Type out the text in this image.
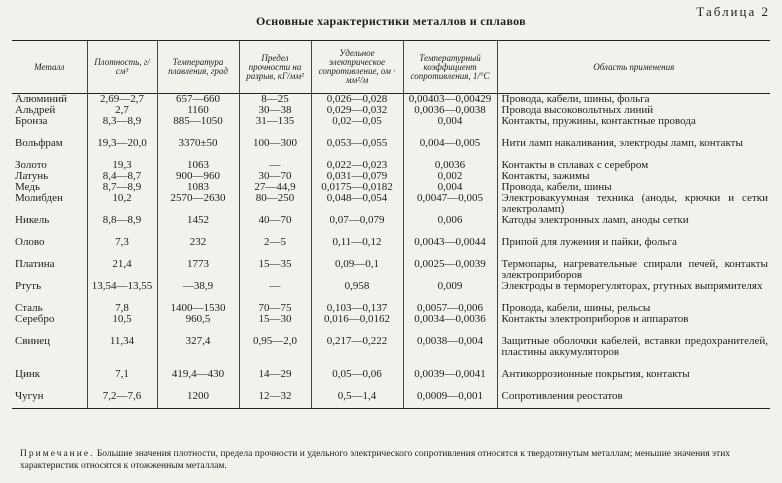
Таблица 2
Основные характеристики металлов и сплавов
Металл	Плотность, г/см³	Температура плавления, град	Предел прочности на разрыв, кГ/мм²	Удельное электрическое сопротивление, ом · мм²/м	Температурный коэффициент сопротивления, 1/°С	Область применения
Алюминий	2,69—2,7	657—660	8—25	0,026—0,028	0,00403—0,00429	Провода, кабели, шины, фольга
Альдрей	2,7	1160	30—38	0,029—0,032	0,0036—0,0038	Провода высоковольтных линий
Бронза	8,3—8,9	885—1050	31—135	0,02—0,05	0,004	Контакты, пружины, контактные провода
Вольфрам	19,3—20,0	3370±50	100—300	0,053—0,055	0,004—0,005	Нити ламп накаливания, электроды ламп, контакты
Золото	19,3	1063	—	0,022—0,023	0,0036	Контакты в сплавах с серебром
Латунь	8,4—8,7	900—960	30—70	0,031—0,079	0,002	Контакты, зажимы
Медь	8,7—8,9	1083	27—44,9	0,0175—0,0182	0,004	Провода, кабели, шины
Молибден	10,2	2570—2630	80—250	0,048—0,054	0,0047—0,005	Электровакуумная техника (аноды, крючки и сетки электроламп)
Никель	8,8—8,9	1452	40—70	0,07—0,079	0,006	Катоды электронных ламп, аноды сетки
Олово	7,3	232	2—5	0,11—0,12	0,0043—0,0044	Припой для лужения и пайки, фольга
Платина	21,4	1773	15—35	0,09—0,1	0,0025—0,0039	Термопары, нагревательные спирали печей, контакты электроприборов
Ртуть	13,54—13,55	—38,9	—	0,958	0,009	Электроды в терморегуляторах, ртутных выпрямителях
Сталь	7,8	1400—1530	70—75	0,103—0,137	0,0057—0,006	Провода, кабели, шины, рельсы
Серебро	10,5	960,5	15—30	0,016—0,0162	0,0034—0,0036	Контакты электроприборов и аппаратов
Свинец	11,34	327,4	0,95—2,0	0,217—0,222	0,0038—0,004	Защитные оболочки кабелей, вставки предохранителей, пластины аккумуляторов
Цинк	7,1	419,4—430	14—29	0,05—0,06	0,0039—0,0041	Антикоррозионные покрытия, контакты
Чугун	7,2—7,6	1200	12—32	0,5—1,4	0,0009—0,001	Сопротивления реостатов
Примечание. Большие значения плотности, предела прочности и удельного электрического сопротивления относятся к твердотянутым металлам; меньшие значения этих характеристик относятся к отожженным металлам.
